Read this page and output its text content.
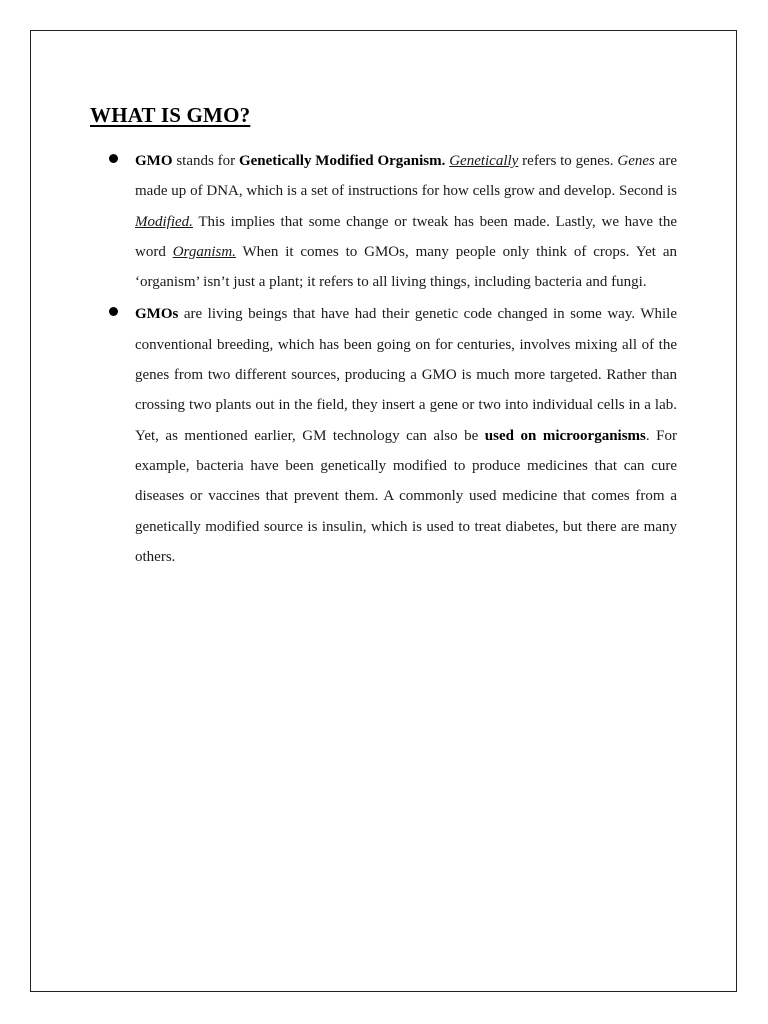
WHAT IS GMO?
GMO stands for Genetically Modified Organism. Genetically refers to genes. Genes are made up of DNA, which is a set of instructions for how cells grow and develop. Second is Modified. This implies that some change or tweak has been made. Lastly, we have the word Organism. When it comes to GMOs, many people only think of crops. Yet an ‘organism’ isn’t just a plant; it refers to all living things, including bacteria and fungi.
GMOs are living beings that have had their genetic code changed in some way. While conventional breeding, which has been going on for centuries, involves mixing all of the genes from two different sources, producing a GMO is much more targeted. Rather than crossing two plants out in the field, they insert a gene or two into individual cells in a lab. Yet, as mentioned earlier, GM technology can also be used on microorganisms. For example, bacteria have been genetically modified to produce medicines that can cure diseases or vaccines that prevent them. A commonly used medicine that comes from a genetically modified source is insulin, which is used to treat diabetes, but there are many others.
